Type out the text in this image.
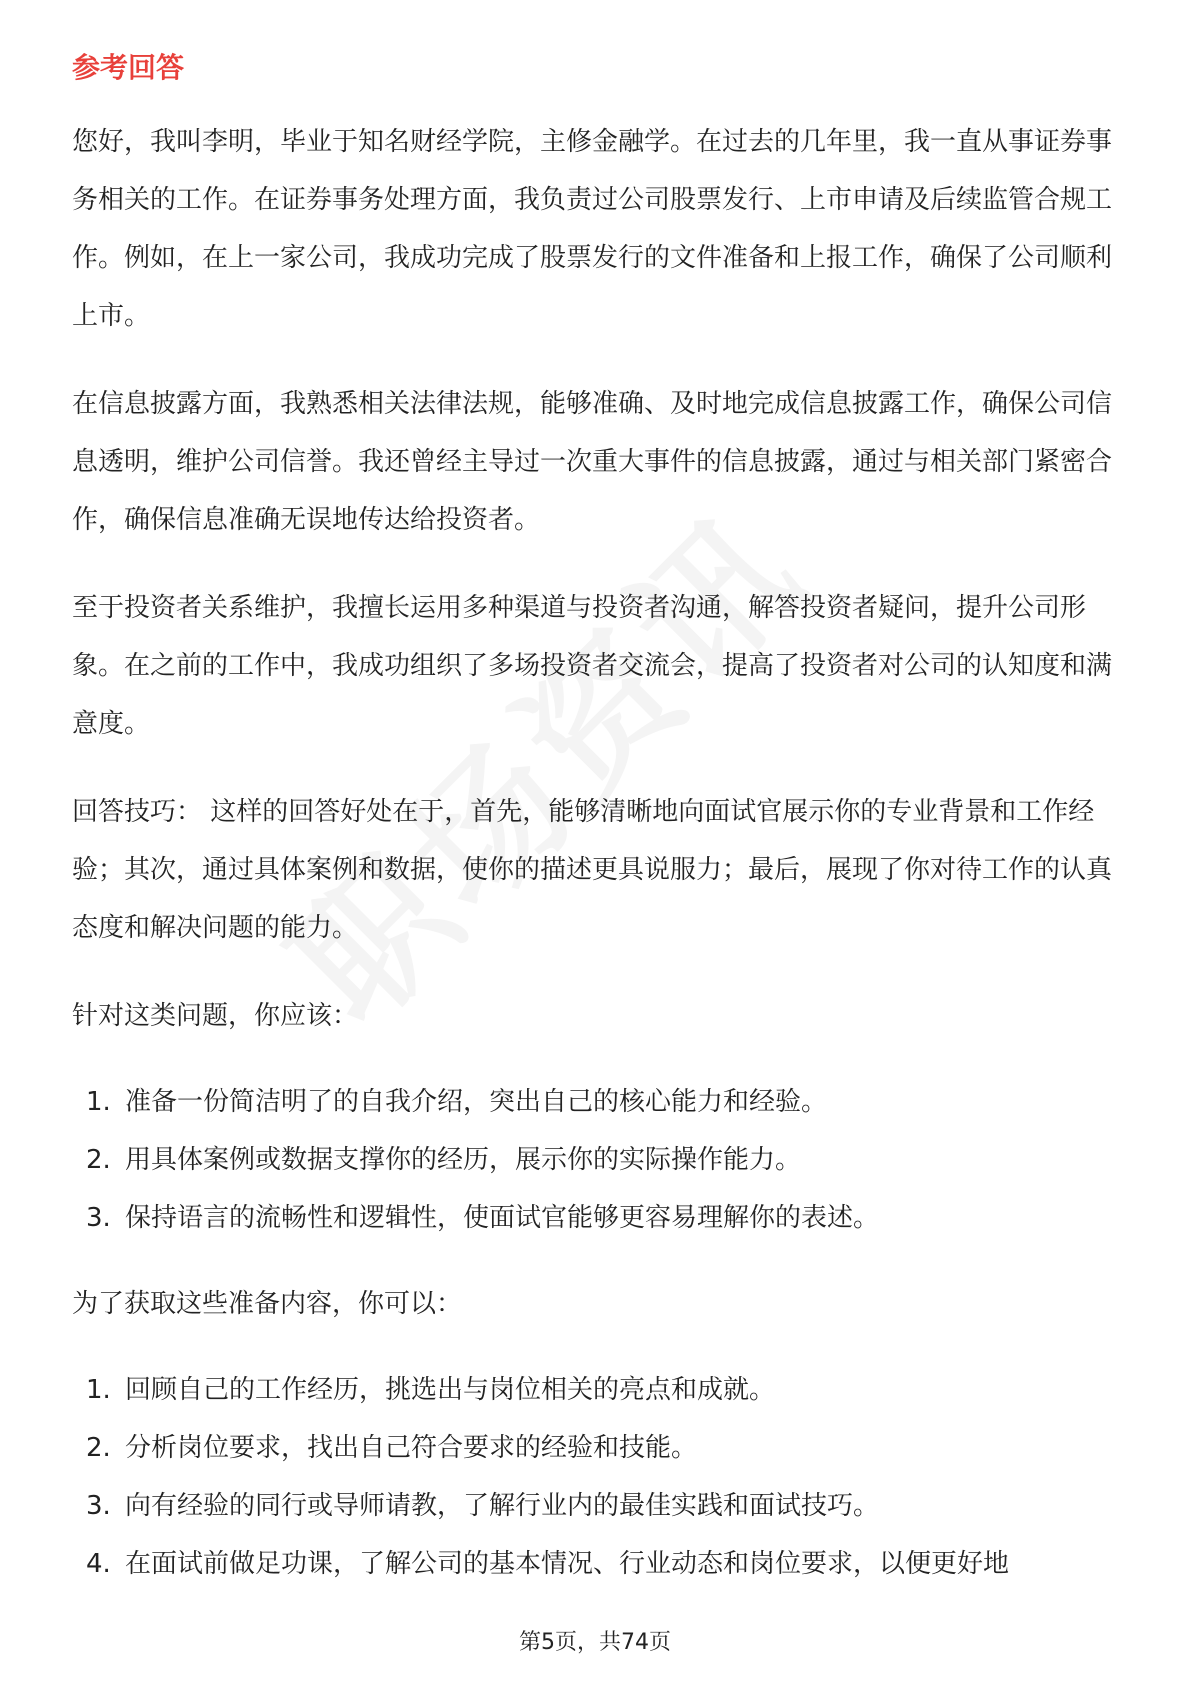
参考回答

您好，我叫李明，毕业于知名财经学院，主修金融学。在过去的几年里，我一直从事证券事务相关的工作。在证券事务处理方面，我负责过公司股票发行、上市申请及后续监管合规工作。例如，在上一家公司，我成功完成了股票发行的文件准备和上报工作，确保了公司顺利上市。

在信息披露方面，我熟悉相关法律法规，能够准确、及时地完成信息披露工作，确保公司信息透明，维护公司信誉。我还曾经主导过一次重大事件的信息披露，通过与相关部门紧密合作，确保信息准确无误地传达给投资者。

至于投资者关系维护，我擅长运用多种渠道与投资者沟通，解答投资者疑问，提升公司形象。在之前的工作中，我成功组织了多场投资者交流会，提高了投资者对公司的认知度和满意度。

回答技巧： 这样的回答好处在于，首先，能够清晰地向面试官展示你的专业背景和工作经验；其次，通过具体案例和数据，使你的描述更具说服力；最后，展现了你对待工作的认真态度和解决问题的能力。

针对这类问题，你应该：

1. 准备一份简洁明了的自我介绍，突出自己的核心能力和经验。
2. 用具体案例或数据支撑你的经历，展示你的实际操作能力。
3. 保持语言的流畅性和逻辑性，使面试官能够更容易理解你的表述。

为了获取这些准备内容，你可以：

1. 回顾自己的工作经历，挑选出与岗位相关的亮点和成就。
2. 分析岗位要求，找出自己符合要求的经验和技能。
3. 向有经验的同行或导师请教，了解行业内的最佳实践和面试技巧。
4. 在面试前做足功课，了解公司的基本情况、行业动态和岗位要求，以便更好地
第5页，共74页
